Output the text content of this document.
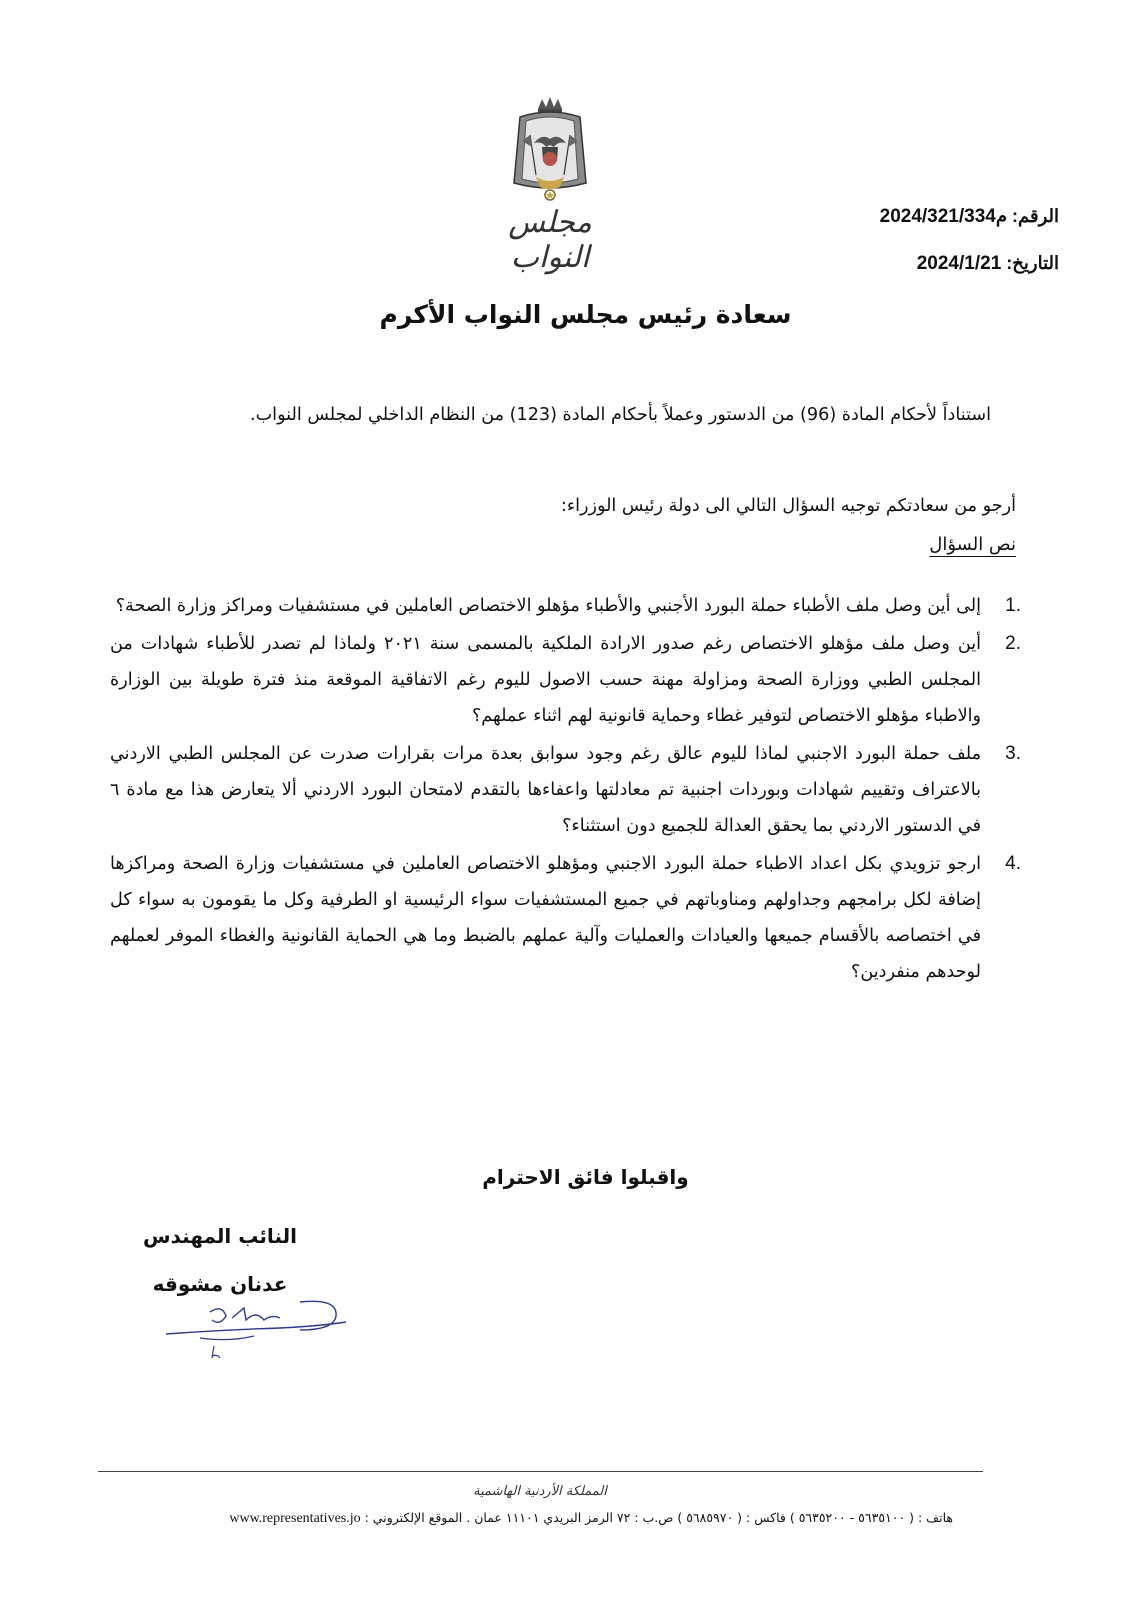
مجلس النواب
الرقم: م2024/321/334
التاريخ: 2024/1/21
سعادة رئيس مجلس النواب الأكرم
استناداً لأحكام المادة (96) من الدستور وعملاً بأحكام المادة (123) من النظام الداخلي لمجلس النواب.
أرجو من سعادتكم توجيه السؤال التالي الى دولة رئيس الوزراء:
نص السؤال
1.
إلى أين وصل ملف الأطباء حملة البورد الأجنبي والأطباء مؤهلو الاختصاص العاملين في مستشفيات ومراكز وزارة الصحة؟
2.
أين وصل ملف مؤهلو الاختصاص رغم صدور الارادة الملكية بالمسمى سنة ٢٠٢١ ولماذا لم تصدر للأطباء شهادات من المجلس الطبي ووزارة الصحة ومزاولة مهنة حسب الاصول لليوم رغم الاتفاقية الموقعة منذ فترة طويلة بين الوزارة والاطباء مؤهلو الاختصاص لتوفير غطاء وحماية قانونية لهم اثناء عملهم؟
3.
ملف حملة البورد الاجنبي لماذا لليوم عالق رغم وجود سوابق بعدة مرات بقرارات صدرت عن المجلس الطبي الاردني بالاعتراف وتقييم شهادات وبوردات اجنبية تم معادلتها واعفاءها بالتقدم لامتحان البورد الاردني ألا يتعارض هذا مع مادة ٦ في الدستور الاردني بما يحقق العدالة للجميع دون استثناء؟
4.
ارجو تزويدي بكل اعداد الاطباء حملة البورد الاجنبي ومؤهلو الاختصاص العاملين في مستشفيات وزارة الصحة ومراكزها إضافة لكل برامجهم وجداولهم ومناوباتهم في جميع المستشفيات سواء الرئيسية او الطرفية وكل ما يقومون به سواء كل في اختصاصه بالأقسام جميعها والعيادات والعمليات وآلية عملهم بالضبط وما هي الحماية القانونية والغطاء الموفر لعملهم لوحدهم منفردين؟
واقبلوا فائق الاحترام
النائب المهندس
عدنان مشوقه
المملكة الأردنية الهاشمية
هاتف : ( ٥٦٣٥١٠٠ - ٥٦٣٥٢٠٠ ) فاكس : ( ٥٦٨٥٩٧٠ ) ص.ب : ٧٢ الرمز البريدي ١١١٠١ عمان . الموقع الإلكتروني : www.representatives.jo
